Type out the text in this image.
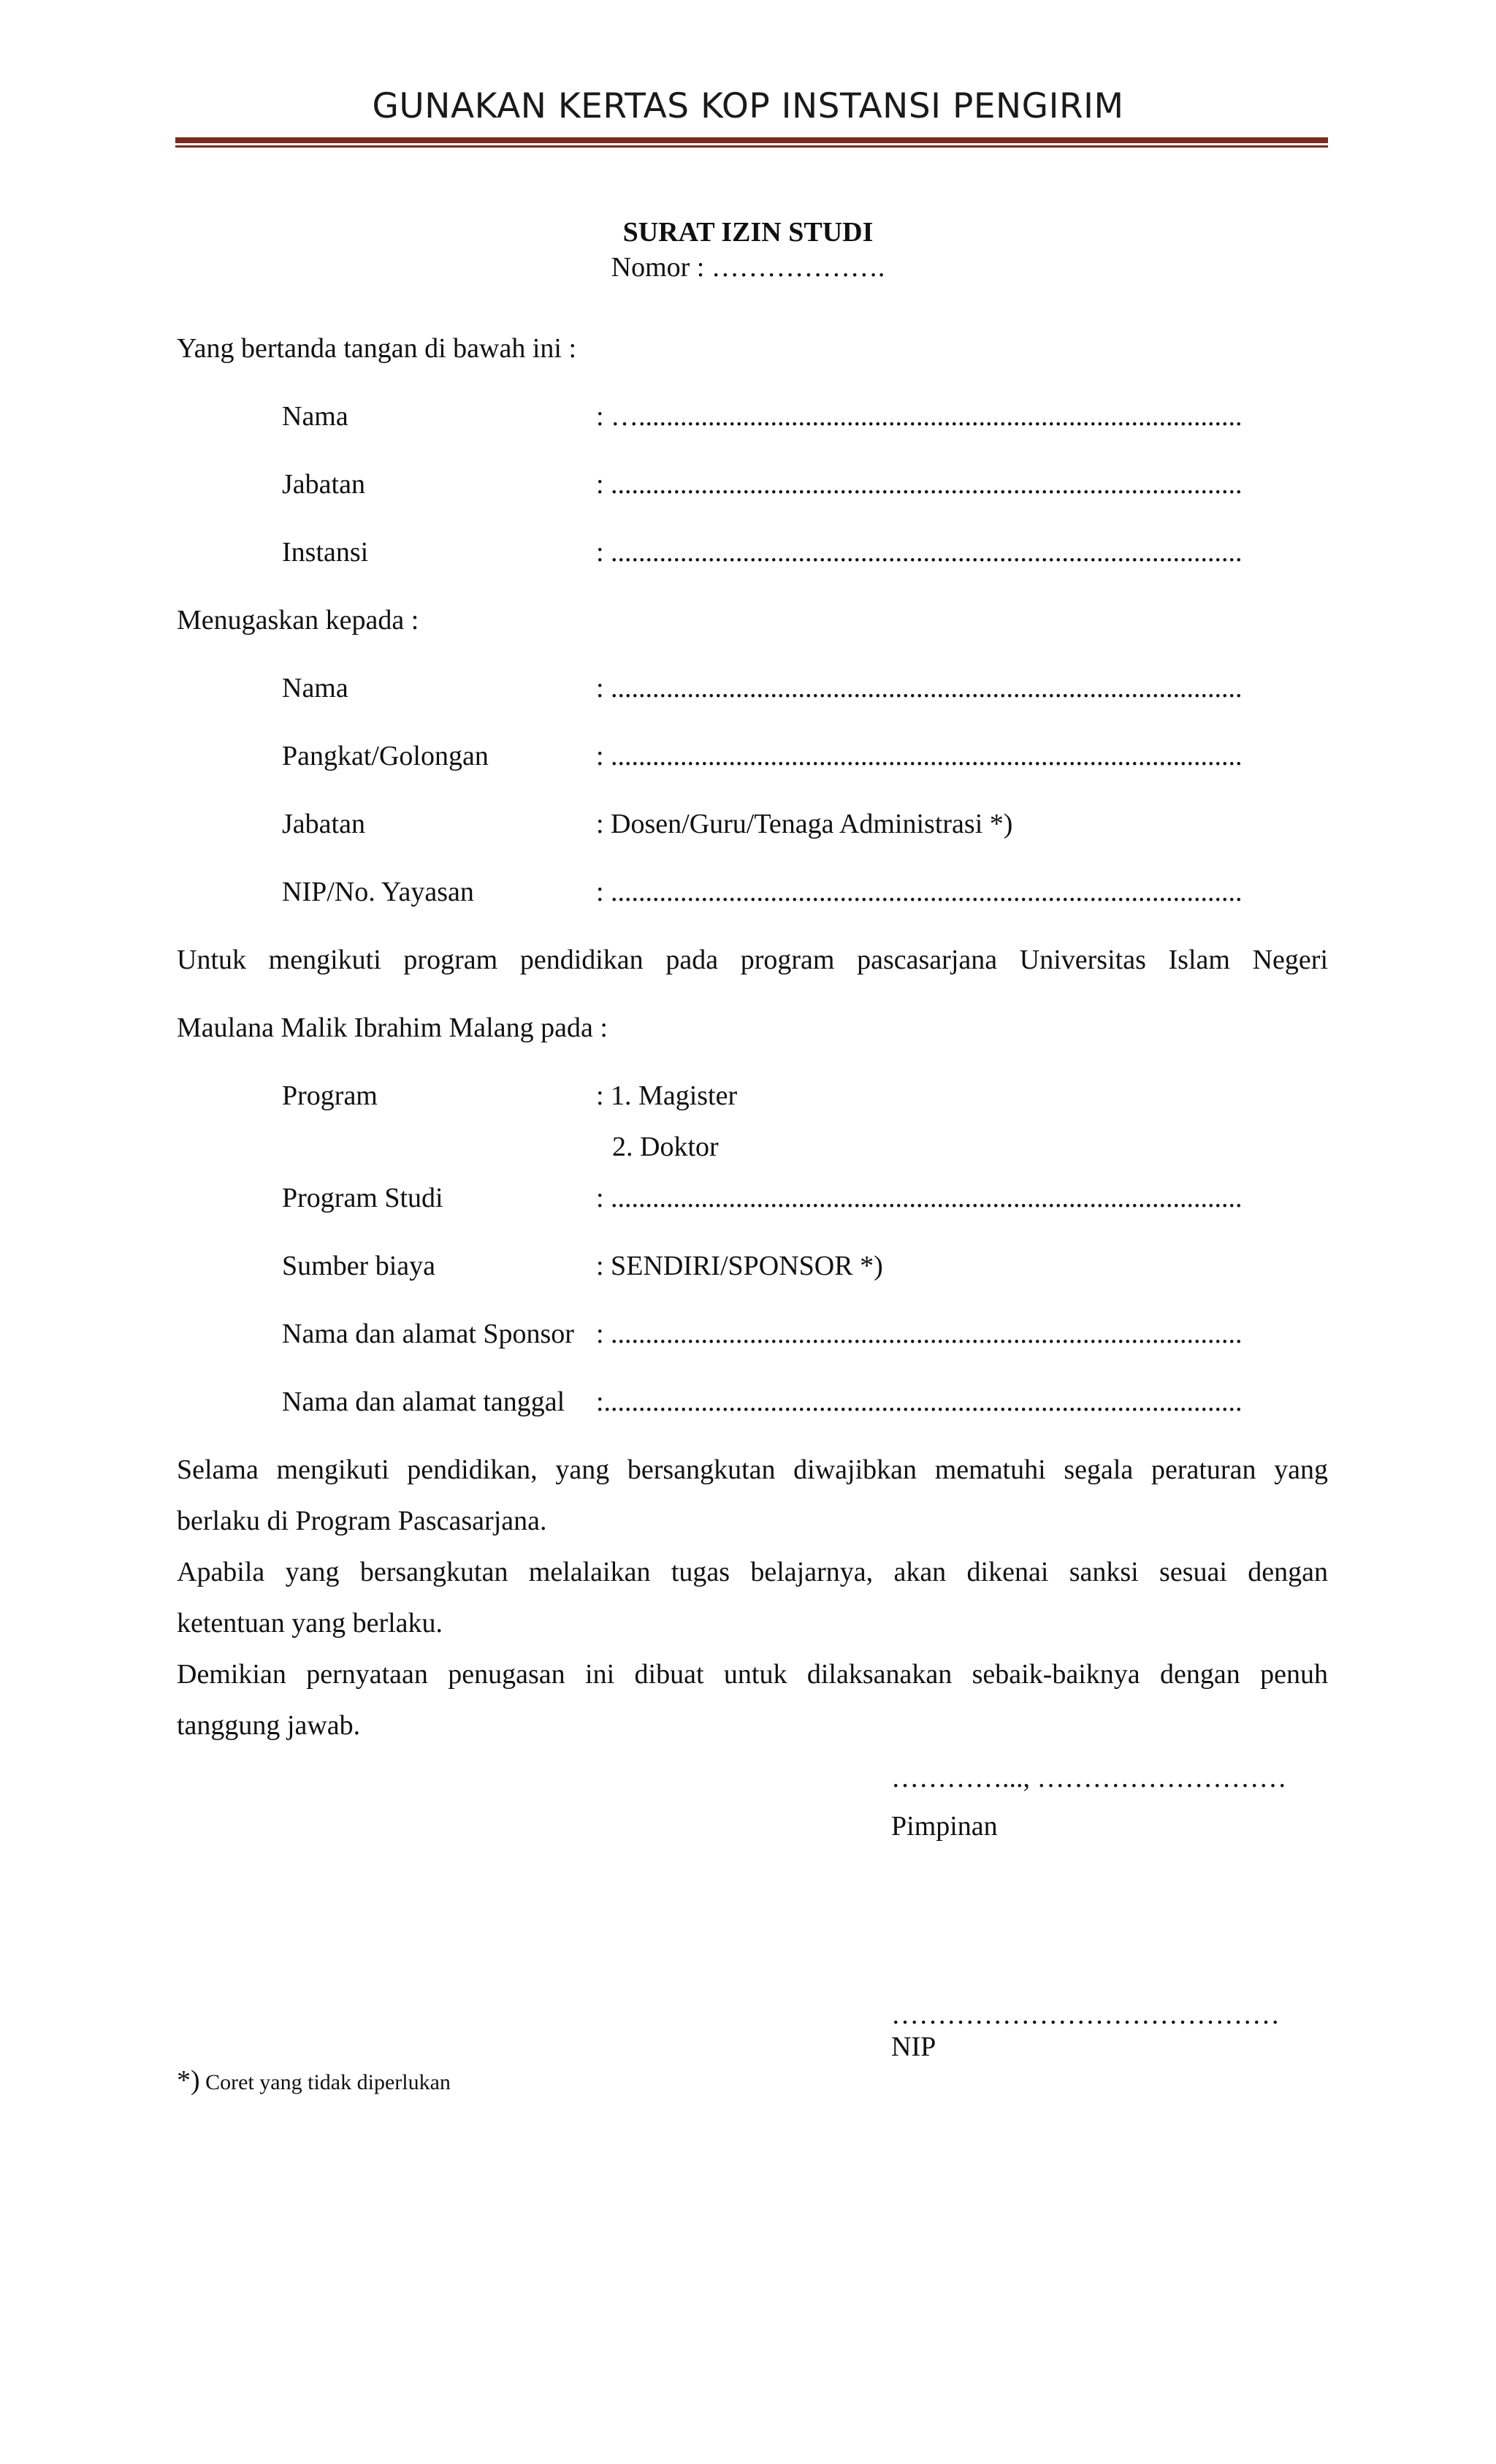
GUNAKAN KERTAS KOP INSTANSI PENGIRIM
SURAT IZIN STUDI
Nomor : ……………….
Yang bertanda tangan di bawah ini :
Nama	: ….......................................................................................
Jabatan	: ...........................................................................................
Instansi	: ...........................................................................................
Menugaskan kepada :
Nama	: ...........................................................................................
Pangkat/Golongan	: ...........................................................................................
Jabatan	: Dosen/Guru/Tenaga Administrasi *)
NIP/No. Yayasan	: ...........................................................................................
Untuk mengikuti program pendidikan pada program pascasarjana Universitas Islam Negeri
Maulana Malik Ibrahim Malang pada :
Program	: 1. Magister
2. Doktor
Program Studi	: ...........................................................................................
Sumber biaya	: SENDIRI/SPONSOR *)
Nama dan alamat Sponsor : ...........................................................................................
Nama dan alamat tanggal :............................................................................................
Selama mengikuti pendidikan, yang bersangkutan diwajibkan mematuhi segala peraturan yang
berlaku di Program Pascasarjana.
Apabila yang bersangkutan melalaikan tugas belajarnya, akan dikenai sanksi sesuai dengan
ketentuan yang berlaku.
Demikian pernyataan penugasan ini dibuat untuk dilaksanakan sebaik-baiknya dengan penuh
tanggung jawab.
…………..., ………………………
Pimpinan
……………………………………
NIP
*) Coret yang tidak diperlukan
